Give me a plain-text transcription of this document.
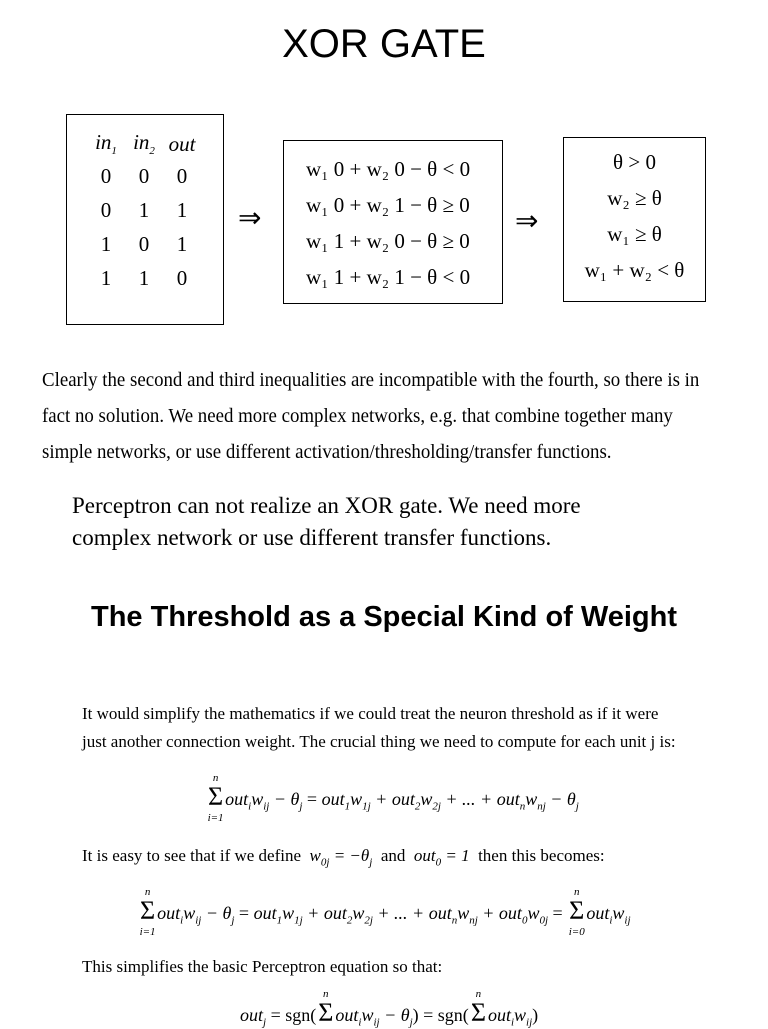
XOR GATE
$in_1$	$in_2$	out
0	0	0
0	1	1
1	0	1
1	1	0
⇒
w₁ 0 + w₂ 0 − θ < 0
w₁ 0 + w₂ 1 − θ ≥ 0
w₁ 1 + w₂ 0 − θ ≥ 0
w₁ 1 + w₂ 1 − θ < 0
⇒
θ > 0
w₂ ≥ θ
w₁ ≥ θ
w₁ + w₂ < θ
Clearly the second and third inequalities are incompatible with the fourth, so there is in
fact no solution. We need more complex networks, e.g. that combine together many
simple networks, or use different activation/thresholding/transfer functions.
Perceptron can not realize an XOR gate. We need more
complex network or use different transfer functions.
The Threshold as a Special Kind of Weight
It would simplify the mathematics if we could treat the neuron threshold as if it were
just another connection weight. The crucial thing we need to compute for each unit j is:
Σ
n
i=1
$out_iw_{ij} - \theta_j = out_1w_{1j} + out_2w_{2j}$ + ... + $out_nw_{nj} - \theta_j$
It is easy to see that if we define $w_{0j} = -\theta_j$ and out$_0$ = 1 then this becomes:
Σ
n
i=1
$out_iw_{ij} - \theta_j = out_1w_{1j} + out_2w_{2j}$ + ... + $out_nw_{nj} + out_0w_{0j} = \Sigma$
n
i=0
$out_iw_{ij}$
This simplifies the basic Perceptron equation so that:
out$_j$ = sgn(Σ
n
$out_iw_{ij} - \theta_j) = sgn(\Sigma$
n
$out_iw_{ij}$)
